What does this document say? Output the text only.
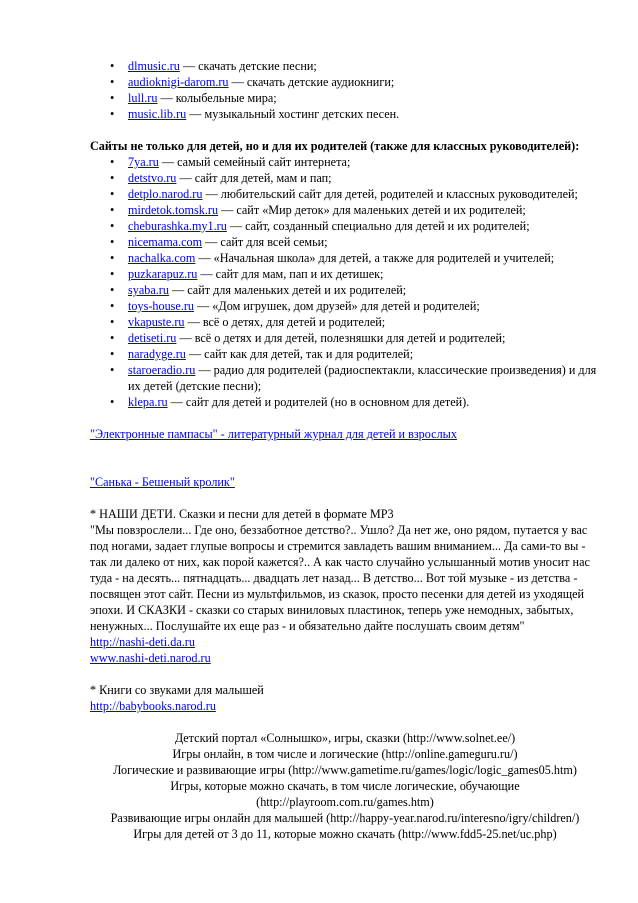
• dlmusic.ru — скачать детские песни;
• audioknigi-darom.ru — скачать детские аудиокниги;
• lull.ru — колыбельные мира;
• music.lib.ru — музыкальный хостинг детских песен.
Сайты не только для детей, но и для их родителей (также для классных руководителей):
• 7ya.ru — самый семейный сайт интернета;
• detstvo.ru — сайт для детей, мам и пап;
• detplo.narod.ru — любительский сайт для детей, родителей и классных руководителей;
• mirdetok.tomsk.ru — сайт «Мир деток» для маленьких детей и их родителей;
• cheburashka.my1.ru — сайт, созданный специально для детей и их родителей;
• nicemama.com — сайт для всей семьи;
• nachalka.com — «Начальная школа» для детей, а также для родителей и учителей;
• puzkarapuz.ru — сайт для мам, пап и их детишек;
• syaba.ru — сайт для маленьких детей и их родителей;
• toys-house.ru — «Дом игрушек, дом друзей» для детей и родителей;
• vkapuste.ru — всё о детях, для детей и родителей;
• detiseti.ru — всё о детях и для детей, полезняшки для детей и родителей;
• naradyge.ru — сайт как для детей, так и для родителей;
• staroeradio.ru — радио для родителей (радиоспектакли, классические произведения) и для их детей (детские песни);
• klepa.ru — сайт для детей и родителей (но в основном для детей).
"Электронные пампасы" - литературный журнал для детей и взрослых
"Санька - Бешеный кролик"

* НАШИ ДЕТИ. Сказки и песни для детей в формате MP3

"Мы повзрослели... Где оно, беззаботное детство?.. Ушло? Да нет же, оно рядом, путается у вас под ногами, задает глупые вопросы и стремится завладеть вашим вниманием... Да сами-то вы - так ли далеко от них, как порой кажется?.. А как часто случайно услышанный мотив уносит нас туда - на десять... пятнадцать... двадцать лет назад... В детство... Вот той музыке - из детства - посвящен этот сайт. Песни из мультфильмов, из сказок, просто песенки для детей из уходящей эпохи. И СКАЗКИ - сказки со старых виниловых пластинок, теперь уже немодных, забытых, ненужных... Послушайте их еще раз - и обязательно дайте послушать своим детям"

http://nashi-deti.da.ru
www.nashi-deti.narod.ru

* Книги со звуками для малышей

http://babybooks.narod.ru

Детский портал «Солнышко», игры, сказки (http://www.solnet.ee/)

Игры онлайн, в том числе и логические (http://online.gameguru.ru/)

Логические и развивающие игры (http://www.gametime.ru/games/logic/logic_games05.htm)

Игры, которые можно скачать, в том числе логические, обучающие

(http://playroom.com.ru/games.htm)

Развивающие игры онлайн для малышей (http://happy-year.narod.ru/interesno/igry/children/)

Игры для детей от 3 до 11, которые можно скачать (http://www.fdd5-25.net/uc.php)
